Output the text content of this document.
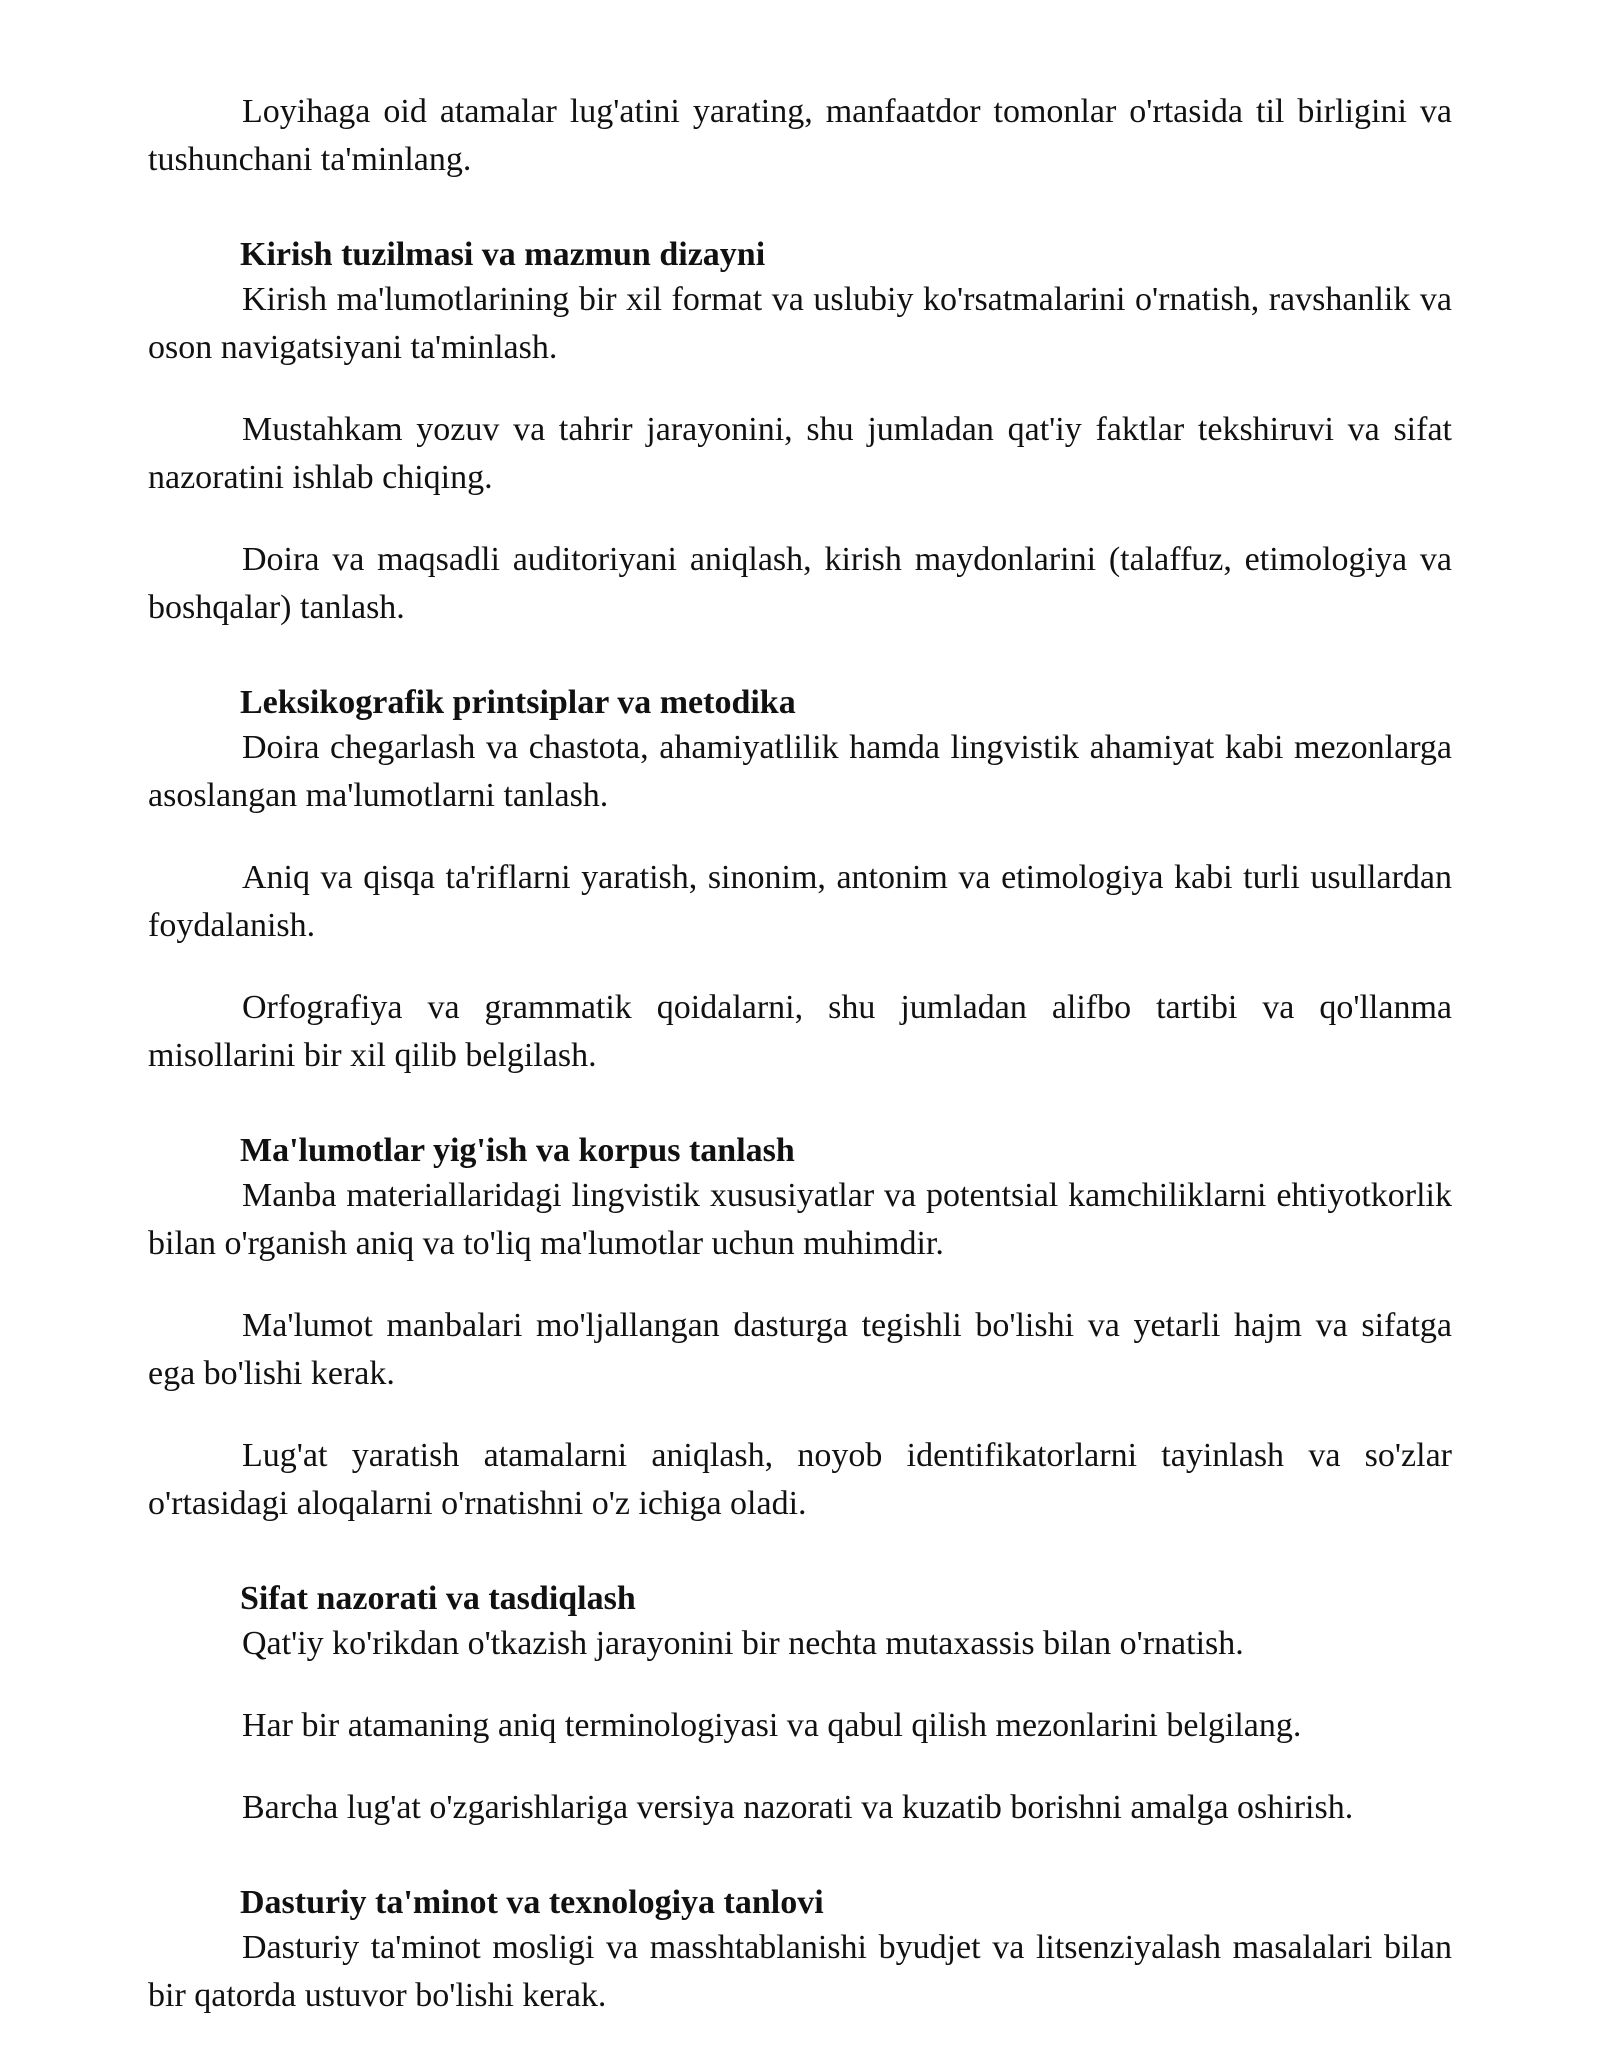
Loyihaga oid atamalar lug'atini yarating, manfaatdor tomonlar o'rtasida til birligini va tushunchani ta'minlang.

Kirish tuzilmasi va mazmun dizayni

Kirish ma'lumotlarining bir xil format va uslubiy ko'rsatmalarini o'rnatish, ravshanlik va oson navigatsiyani ta'minlash.

Mustahkam yozuv va tahrir jarayonini, shu jumladan qat'iy faktlar tekshiruvi va sifat nazoratini ishlab chiqing.

Doira va maqsadli auditoriyani aniqlash, kirish maydonlarini (talaffuz, etimologiya va boshqalar) tanlash.

Leksikografik printsiplar va metodika

Doira chegarlash va chastota, ahamiyatlilik hamda lingvistik ahamiyat kabi mezonlarga asoslangan ma'lumotlarni tanlash.

Aniq va qisqa ta'riflarni yaratish, sinonim, antonim va etimologiya kabi turli usullardan foydalanish.

Orfografiya va grammatik qoidalarni, shu jumladan alifbo tartibi va qo'llanma misollarini bir xil qilib belgilash.

Ma'lumotlar yig'ish va korpus tanlash

Manba materiallaridagi lingvistik xususiyatlar va potentsial kamchiliklarni ehtiyotkorlik bilan o'rganish aniq va to'liq ma'lumotlar uchun muhimdir.

Ma'lumot manbalari mo'ljallangan dasturga tegishli bo'lishi va yetarli hajm va sifatga ega bo'lishi kerak.

Lug'at yaratish atamalarni aniqlash, noyob identifikatorlarni tayinlash va so'zlar o'rtasidagi aloqalarni o'rnatishni o'z ichiga oladi.

Sifat nazorati va tasdiqlash

Qat'iy ko'rikdan o'tkazish jarayonini bir nechta mutaxassis bilan o'rnatish.

Har bir atamaning aniq terminologiyasi va qabul qilish mezonlarini belgilang.

Barcha lug'at o'zgarishlariga versiya nazorati va kuzatib borishni amalga oshirish.

Dasturiy ta'minot va texnologiya tanlovi

Dasturiy ta'minot mosligi va masshtablanishi byudjet va litsenziyalash masalalari bilan bir qatorda ustuvor bo'lishi kerak.
